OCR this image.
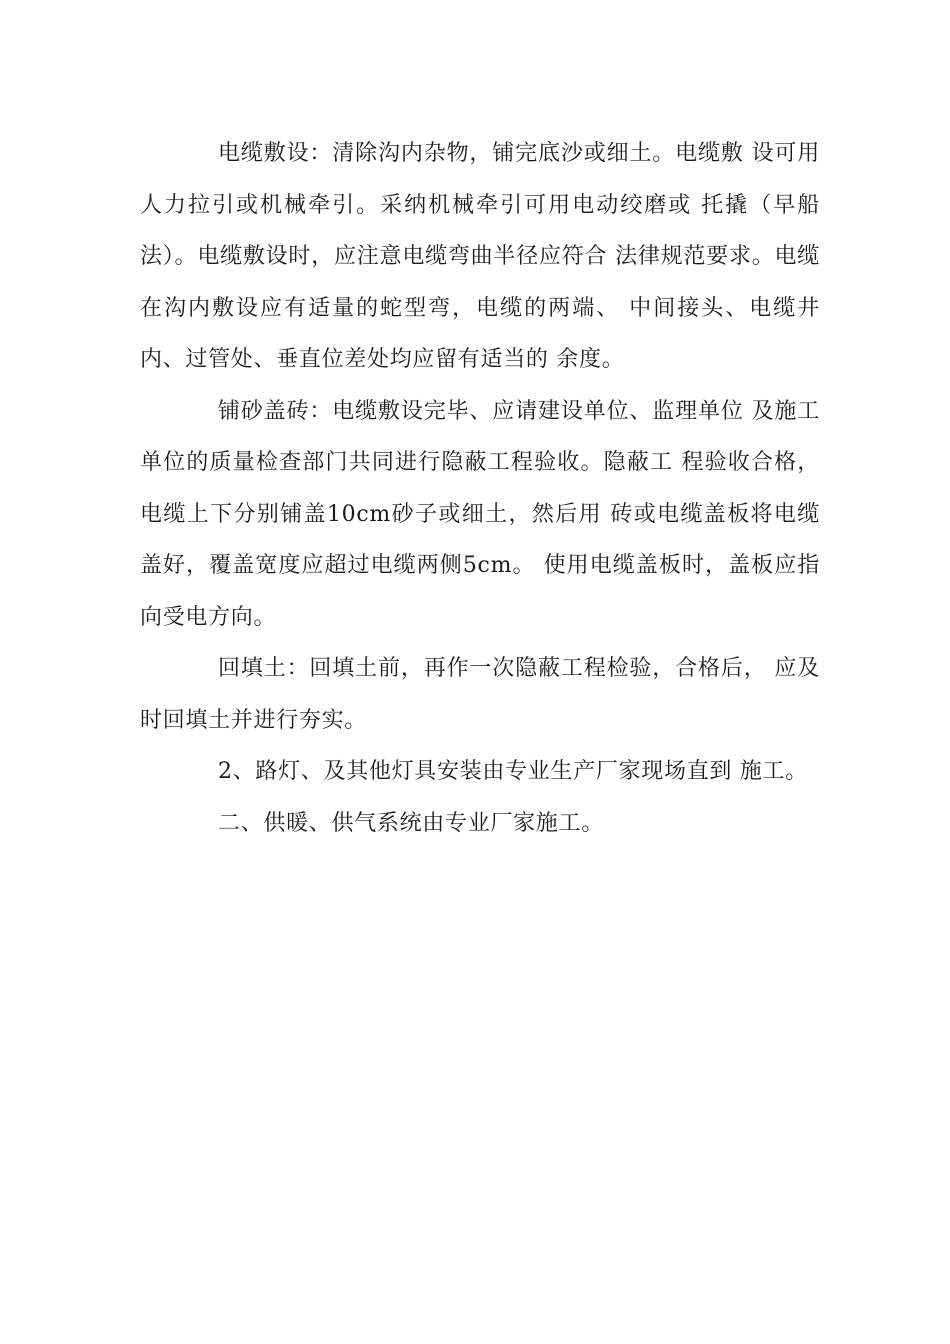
电缆敷设：清除沟内杂物，铺完底沙或细土。电缆敷 设可用人力拉引或机械牵引。采纳机械牵引可用电动绞磨或 托撬（早船法）。电缆敷设时，应注意电缆弯曲半径应符合 法律规范要求。电缆在沟内敷设应有适量的蛇型弯，电缆的两端、 中间接头、电缆井内、过管处、垂直位差处均应留有适当的 余度。

铺砂盖砖：电缆敷设完毕、应请建设单位、监理单位 及施工单位的质量检查部门共同进行隐蔽工程验收。隐蔽工 程验收合格，电缆上下分别铺盖10cm砂子或细土，然后用 砖或电缆盖板将电缆盖好，覆盖宽度应超过电缆两侧5cm。 使用电缆盖板时，盖板应指向受电方向。

回填土：回填土前，再作一次隐蔽工程检验，合格后， 应及时回填土并进行夯实。

2、路灯、及其他灯具安装由专业生产厂家现场直到 施工。

二、供暖、供气系统由专业厂家施工。
